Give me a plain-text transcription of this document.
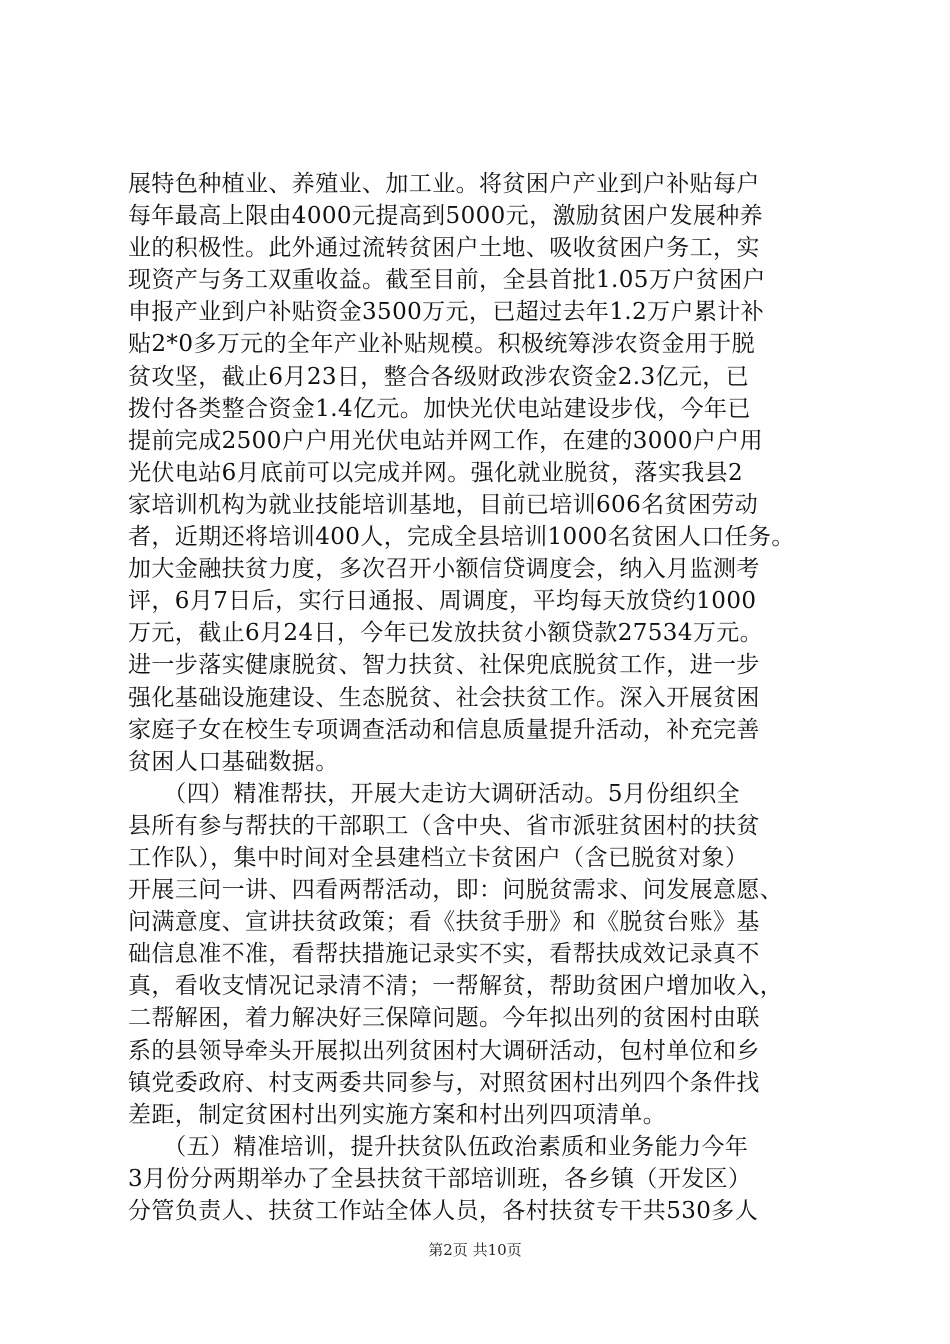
展特色种植业、养殖业、加工业。将贫困户产业到户补贴每户
每年最高上限由4000元提高到5000元，激励贫困户发展种养
业的积极性。此外通过流转贫困户土地、吸收贫困户务工，实
现资产与务工双重收益。截至目前，全县首批1.05万户贫困户
申报产业到户补贴资金3500万元，已超过去年1.2万户累计补
贴2*0多万元的全年产业补贴规模。积极统筹涉农资金用于脱
贫攻坚，截止6月23日，整合各级财政涉农资金2.3亿元，已
拨付各类整合资金1.4亿元。加快光伏电站建设步伐，今年已
提前完成2500户户用光伏电站并网工作，在建的3000户户用
光伏电站6月底前可以完成并网。强化就业脱贫，落实我县2
家培训机构为就业技能培训基地，目前已培训606名贫困劳动
者，近期还将培训400人，完成全县培训1000名贫困人口任务。
加大金融扶贫力度，多次召开小额信贷调度会，纳入月监测考
评，6月7日后，实行日通报、周调度，平均每天放贷约1000
万元，截止6月24日，今年已发放扶贫小额贷款27534万元。
进一步落实健康脱贫、智力扶贫、社保兜底脱贫工作，进一步
强化基础设施建设、生态脱贫、社会扶贫工作。深入开展贫困
家庭子女在校生专项调查活动和信息质量提升活动，补充完善
贫困人口基础数据。
　　（四）精准帮扶，开展大走访大调研活动。5月份组织全
县所有参与帮扶的干部职工（含中央、省市派驻贫困村的扶贫
工作队），集中时间对全县建档立卡贫困户（含已脱贫对象）
开展三问一讲、四看两帮活动，即：问脱贫需求、问发展意愿、
问满意度、宣讲扶贫政策；看《扶贫手册》和《脱贫台账》基
础信息准不准，看帮扶措施记录实不实，看帮扶成效记录真不
真，看收支情况记录清不清；一帮解贫，帮助贫困户增加收入，
二帮解困，着力解决好三保障问题。今年拟出列的贫困村由联
系的县领导牵头开展拟出列贫困村大调研活动，包村单位和乡
镇党委政府、村支两委共同参与，对照贫困村出列四个条件找
差距，制定贫困村出列实施方案和村出列四项清单。
　　（五）精准培训，提升扶贫队伍政治素质和业务能力今年
3月份分两期举办了全县扶贫干部培训班，各乡镇（开发区）
分管负责人、扶贫工作站全体人员，各村扶贫专干共530多人
第2页 共10页
